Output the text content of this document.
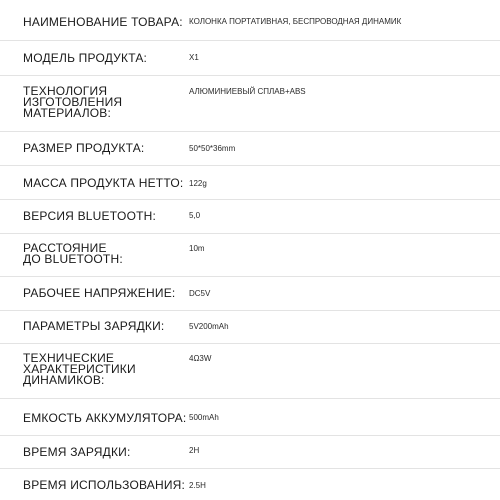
НАИМЕНОВАНИЕ ТОВАРА: КОЛОНКА ПОРТАТИВНАЯ, БЕСПРОВОДНАЯ ДИНАМИК
МОДЕЛЬ ПРОДУКТА:	X1
ТЕХНОЛОГИЯ ИЗГОТОВЛЕНИЯ МАТЕРИАЛОВ:
АЛЮМИНИЕВЫЙ СПЛАВ+ABS
РАЗМЕР ПРОДУКТА:	50*50*36mm
МАССА ПРОДУКТА НЕТТО: 122g
ВЕРСИЯ BLUETOOTH:	5,0
РАССТОЯНИЕ ДО BLUETOOTH:
10m
РАБОЧЕЕ НАПРЯЖЕНИЕ: DC5V
ПАРАМЕТРЫ ЗАРЯДКИ:	5V200mAh
ТЕХНИЧЕСКИЕ ХАРАКТЕРИСТИКИ ДИНАМИКОВ:
4Ω3W
ЕМКОСТЬ АККУМУЛЯТОРА: 500mAh
ВРЕМЯ ЗАРЯДКИ:	2H
ВРЕМЯ ИСПОЛЬЗОВАНИЯ: 2.5H
